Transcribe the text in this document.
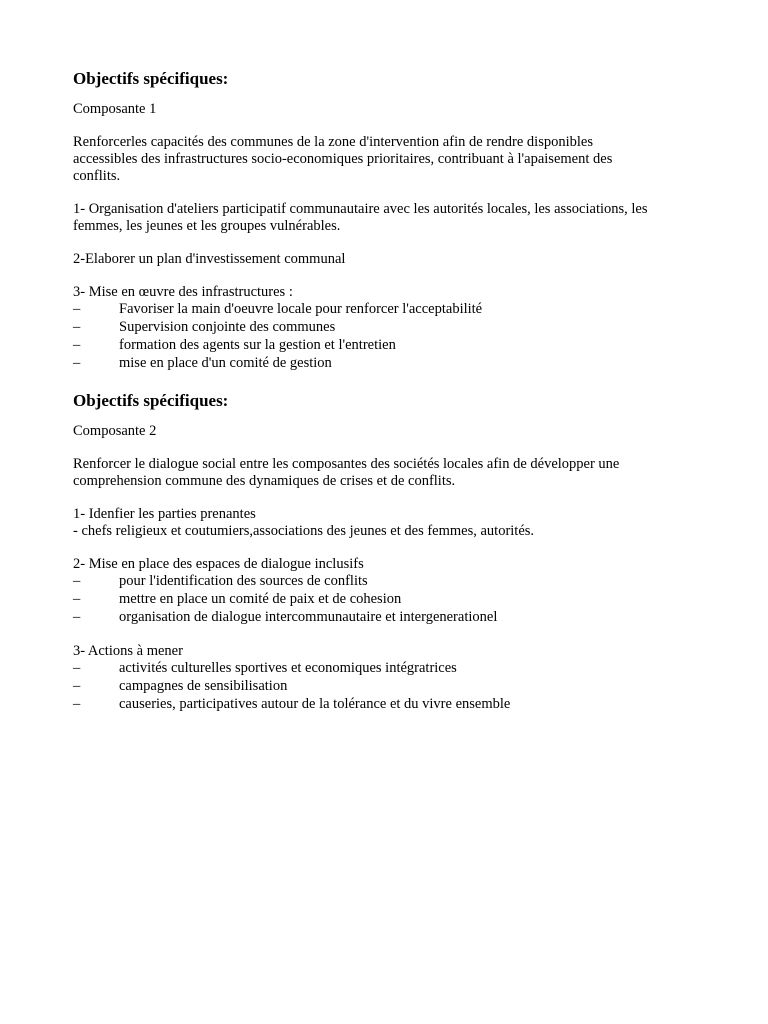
Objectifs spécifiques:
Composante 1
Renforcerles capacités des communes de la zone d'intervention afin de rendre disponibles
accessibles des infrastructures socio-economiques prioritaires, contribuant à l'apaisement des
conflits.
1- Organisation d'ateliers participatif communautaire avec les autorités locales, les associations, les
femmes, les jeunes et les groupes vulnérables.
2-Elaborer un plan d'investissement communal
3- Mise en œuvre des infrastructures :
–	Favoriser la main d'oeuvre locale pour renforcer l'acceptabilité
–	Supervision conjointe des communes
–	formation des agents sur la gestion et l'entretien
–	mise en place d'un comité de gestion
Objectifs spécifiques:
Composante 2
Renforcer le dialogue social entre les composantes des sociétés locales afin de développer une
comprehension commune des dynamiques de crises et de conflits.
1- Idenfier les parties prenantes
- chefs religieux et coutumiers,associations des jeunes et des femmes, autorités.
2- Mise en place des espaces de dialogue inclusifs
–	pour l'identification des sources de conflits
–	mettre en place un comité de paix et de cohesion
–	organisation de dialogue intercommunautaire et intergenerationel
3- Actions à mener
–	activités culturelles sportives et economiques intégratrices
–	campagnes de sensibilisation
–	causeries, participatives autour de la tolérance et du vivre ensemble
